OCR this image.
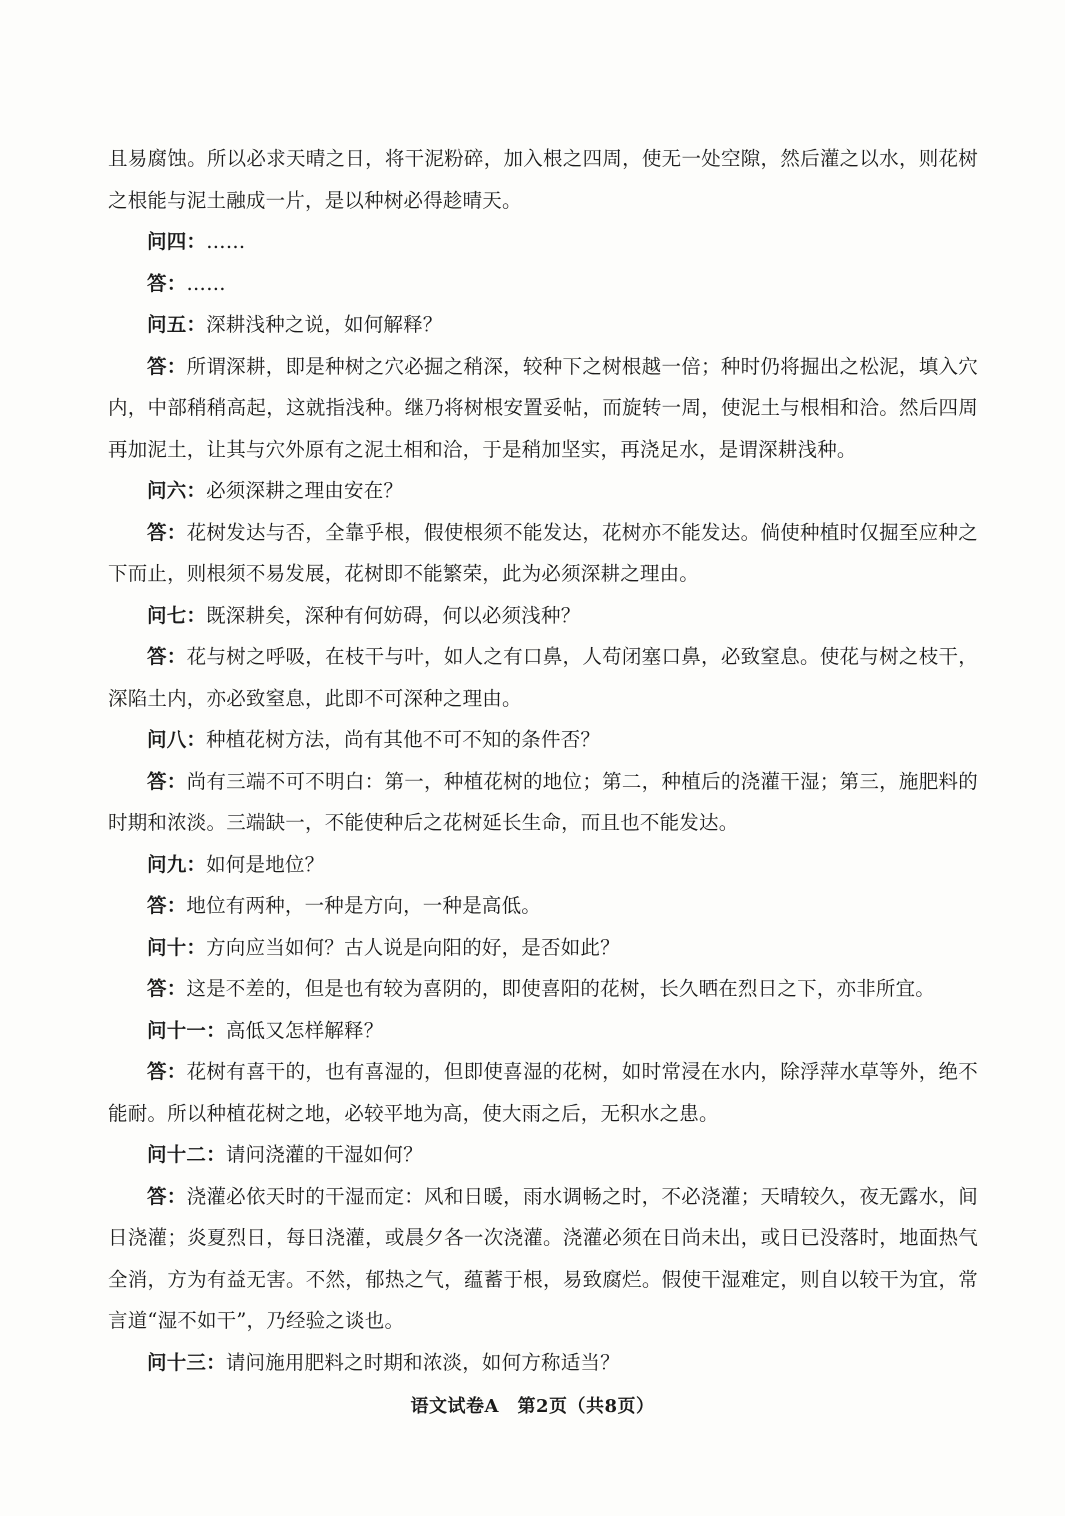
且易腐蚀。所以必求天晴之日，将干泥粉碎，加入根之四周，使无一处空隙，然后灌之以水，则花树之根能与泥土融成一片，是以种树必得趁晴天。

问四：……

答：……

问五：深耕浅种之说，如何解释？

答：所谓深耕，即是种树之穴必掘之稍深，较种下之树根越一倍；种时仍将掘出之松泥，填入穴内，中部稍稍高起，这就指浅种。继乃将树根安置妥帖，而旋转一周，使泥土与根相和洽。然后四周再加泥土，让其与穴外原有之泥土相和洽，于是稍加坚实，再浇足水，是谓深耕浅种。

问六：必须深耕之理由安在？

答：花树发达与否，全靠乎根，假使根须不能发达，花树亦不能发达。倘使种植时仅掘至应种之下而止，则根须不易发展，花树即不能繁荣，此为必须深耕之理由。

问七：既深耕矣，深种有何妨碍，何以必须浅种？

答：花与树之呼吸，在枝干与叶，如人之有口鼻，人苟闭塞口鼻，必致窒息。使花与树之枝干，深陷土内，亦必致窒息，此即不可深种之理由。

问八：种植花树方法，尚有其他不可不知的条件否？

答：尚有三端不可不明白：第一，种植花树的地位；第二，种植后的浇灌干湿；第三，施肥料的时期和浓淡。三端缺一，不能使种后之花树延长生命，而且也不能发达。

问九：如何是地位？

答：地位有两种，一种是方向，一种是高低。

问十：方向应当如何？古人说是向阳的好，是否如此？

答：这是不差的，但是也有较为喜阴的，即使喜阳的花树，长久晒在烈日之下，亦非所宜。

问十一：高低又怎样解释？

答：花树有喜干的，也有喜湿的，但即使喜湿的花树，如时常浸在水内，除浮萍水草等外，绝不能耐。所以种植花树之地，必较平地为高，使大雨之后，无积水之患。

问十二：请问浇灌的干湿如何？

答：浇灌必依天时的干湿而定：风和日暖，雨水调畅之时，不必浇灌；天晴较久，夜无露水，间日浇灌；炎夏烈日，每日浇灌，或晨夕各一次浇灌。浇灌必须在日尚未出，或日已没落时，地面热气全消，方为有益无害。不然，郁热之气，蕴蓄于根，易致腐烂。假使干湿难定，则自以较干为宜，常言道“湿不如干”，乃经验之谈也。

问十三：请问施用肥料之时期和浓淡，如何方称适当？

语文试卷A　第2页（共8页）
